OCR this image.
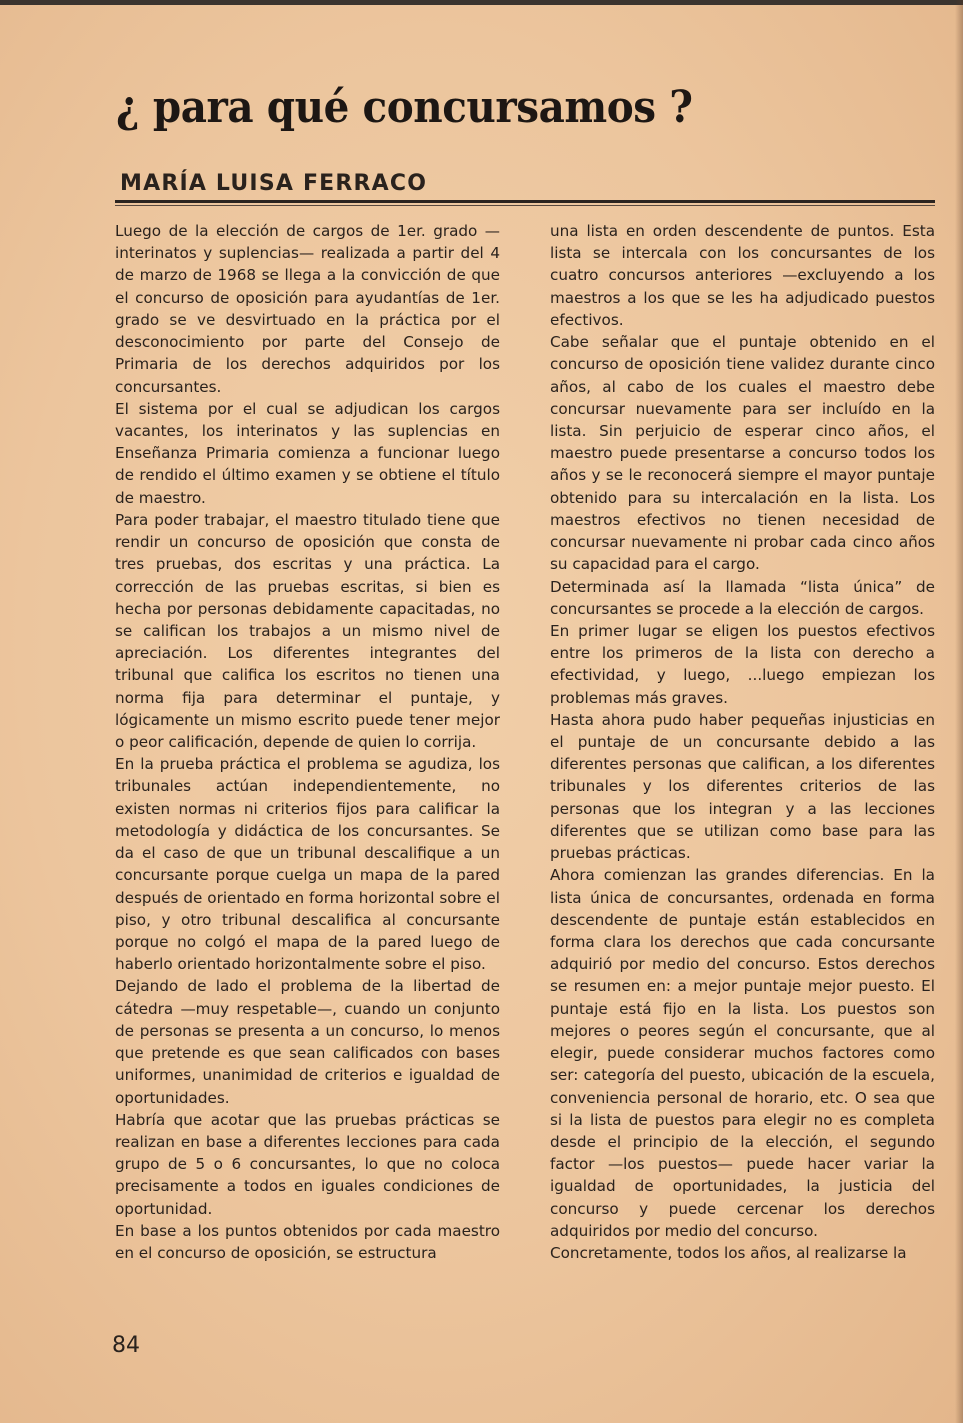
¿ para qué concursamos ?
MARÍA LUISA FERRACO

Luego de la elección de cargos de 1er. grado —interinatos y suplencias— realizada a partir del 4 de marzo de 1968 se llega a la convicción de que el concurso de oposición para ayudantías de 1er. grado se ve desvirtuado en la práctica por el desconocimiento por parte del Consejo de Primaria de los derechos adquiridos por los concursantes.

El sistema por el cual se adjudican los cargos vacantes, los interinatos y las suplencias en Enseñanza Primaria comienza a funcionar luego de rendido el último examen y se obtiene el título de maestro.

Para poder trabajar, el maestro titulado tiene que rendir un concurso de oposición que consta de tres pruebas, dos escritas y una práctica. La corrección de las pruebas escritas, si bien es hecha por personas debidamente capacitadas, no se califican los trabajos a un mismo nivel de apreciación. Los diferentes integrantes del tribunal que califica los escritos no tienen una norma fija para determinar el puntaje, y lógicamente un mismo escrito puede tener mejor o peor calificación, depende de quien lo corrija.

En la prueba práctica el problema se agudiza, los tribunales actúan independientemente, no existen normas ni criterios fijos para calificar la metodología y didáctica de los concursantes. Se da el caso de que un tribunal descalifique a un concursante porque cuelga un mapa de la pared después de orientado en forma horizontal sobre el piso, y otro tribunal descalifica al concursante porque no colgó el mapa de la pared luego de haberlo orientado horizontalmente sobre el piso.

Dejando de lado el problema de la libertad de cátedra —muy respetable—, cuando un conjunto de personas se presenta a un concurso, lo menos que pretende es que sean calificados con bases uniformes, unanimidad de criterios e igualdad de oportunidades.

Habría que acotar que las pruebas prácticas se realizan en base a diferentes lecciones para cada grupo de 5 o 6 concursantes, lo que no coloca precisamente a todos en iguales condiciones de oportunidad.

En base a los puntos obtenidos por cada maestro en el concurso de oposición, se estructura

una lista en orden descendente de puntos. Esta lista se intercala con los concursantes de los cuatro concursos anteriores —excluyendo a los maestros a los que se les ha adjudicado puestos efectivos.

Cabe señalar que el puntaje obtenido en el concurso de oposición tiene validez durante cinco años, al cabo de los cuales el maestro debe concursar nuevamente para ser incluído en la lista. Sin perjuicio de esperar cinco años, el maestro puede presentarse a concurso todos los años y se le reconocerá siempre el mayor puntaje obtenido para su intercalación en la lista. Los maestros efectivos no tienen necesidad de concursar nuevamente ni probar cada cinco años su capacidad para el cargo.

Determinada así la llamada “lista única” de concursantes se procede a la elección de cargos.

En primer lugar se eligen los puestos efectivos entre los primeros de la lista con derecho a efectividad, y luego, ...luego empiezan los problemas más graves.

Hasta ahora pudo haber pequeñas injusticias en el puntaje de un concursante debido a las diferentes personas que califican, a los diferentes tribunales y los diferentes criterios de las personas que los integran y a las lecciones diferentes que se utilizan como base para las pruebas prácticas.

Ahora comienzan las grandes diferencias. En la lista única de concursantes, ordenada en forma descendente de puntaje están establecidos en forma clara los derechos que cada concursante adquirió por medio del concurso. Estos derechos se resumen en: a mejor puntaje mejor puesto. El puntaje está fijo en la lista. Los puestos son mejores o peores según el concursante, que al elegir, puede considerar muchos factores como ser: categoría del puesto, ubicación de la escuela, conveniencia personal de horario, etc. O sea que si la lista de puestos para elegir no es completa desde el principio de la elección, el segundo factor —los puestos— puede hacer variar la igualdad de oportunidades, la justicia del concurso y puede cercenar los derechos adquiridos por medio del concurso.

Concretamente, todos los años, al realizarse la

84
